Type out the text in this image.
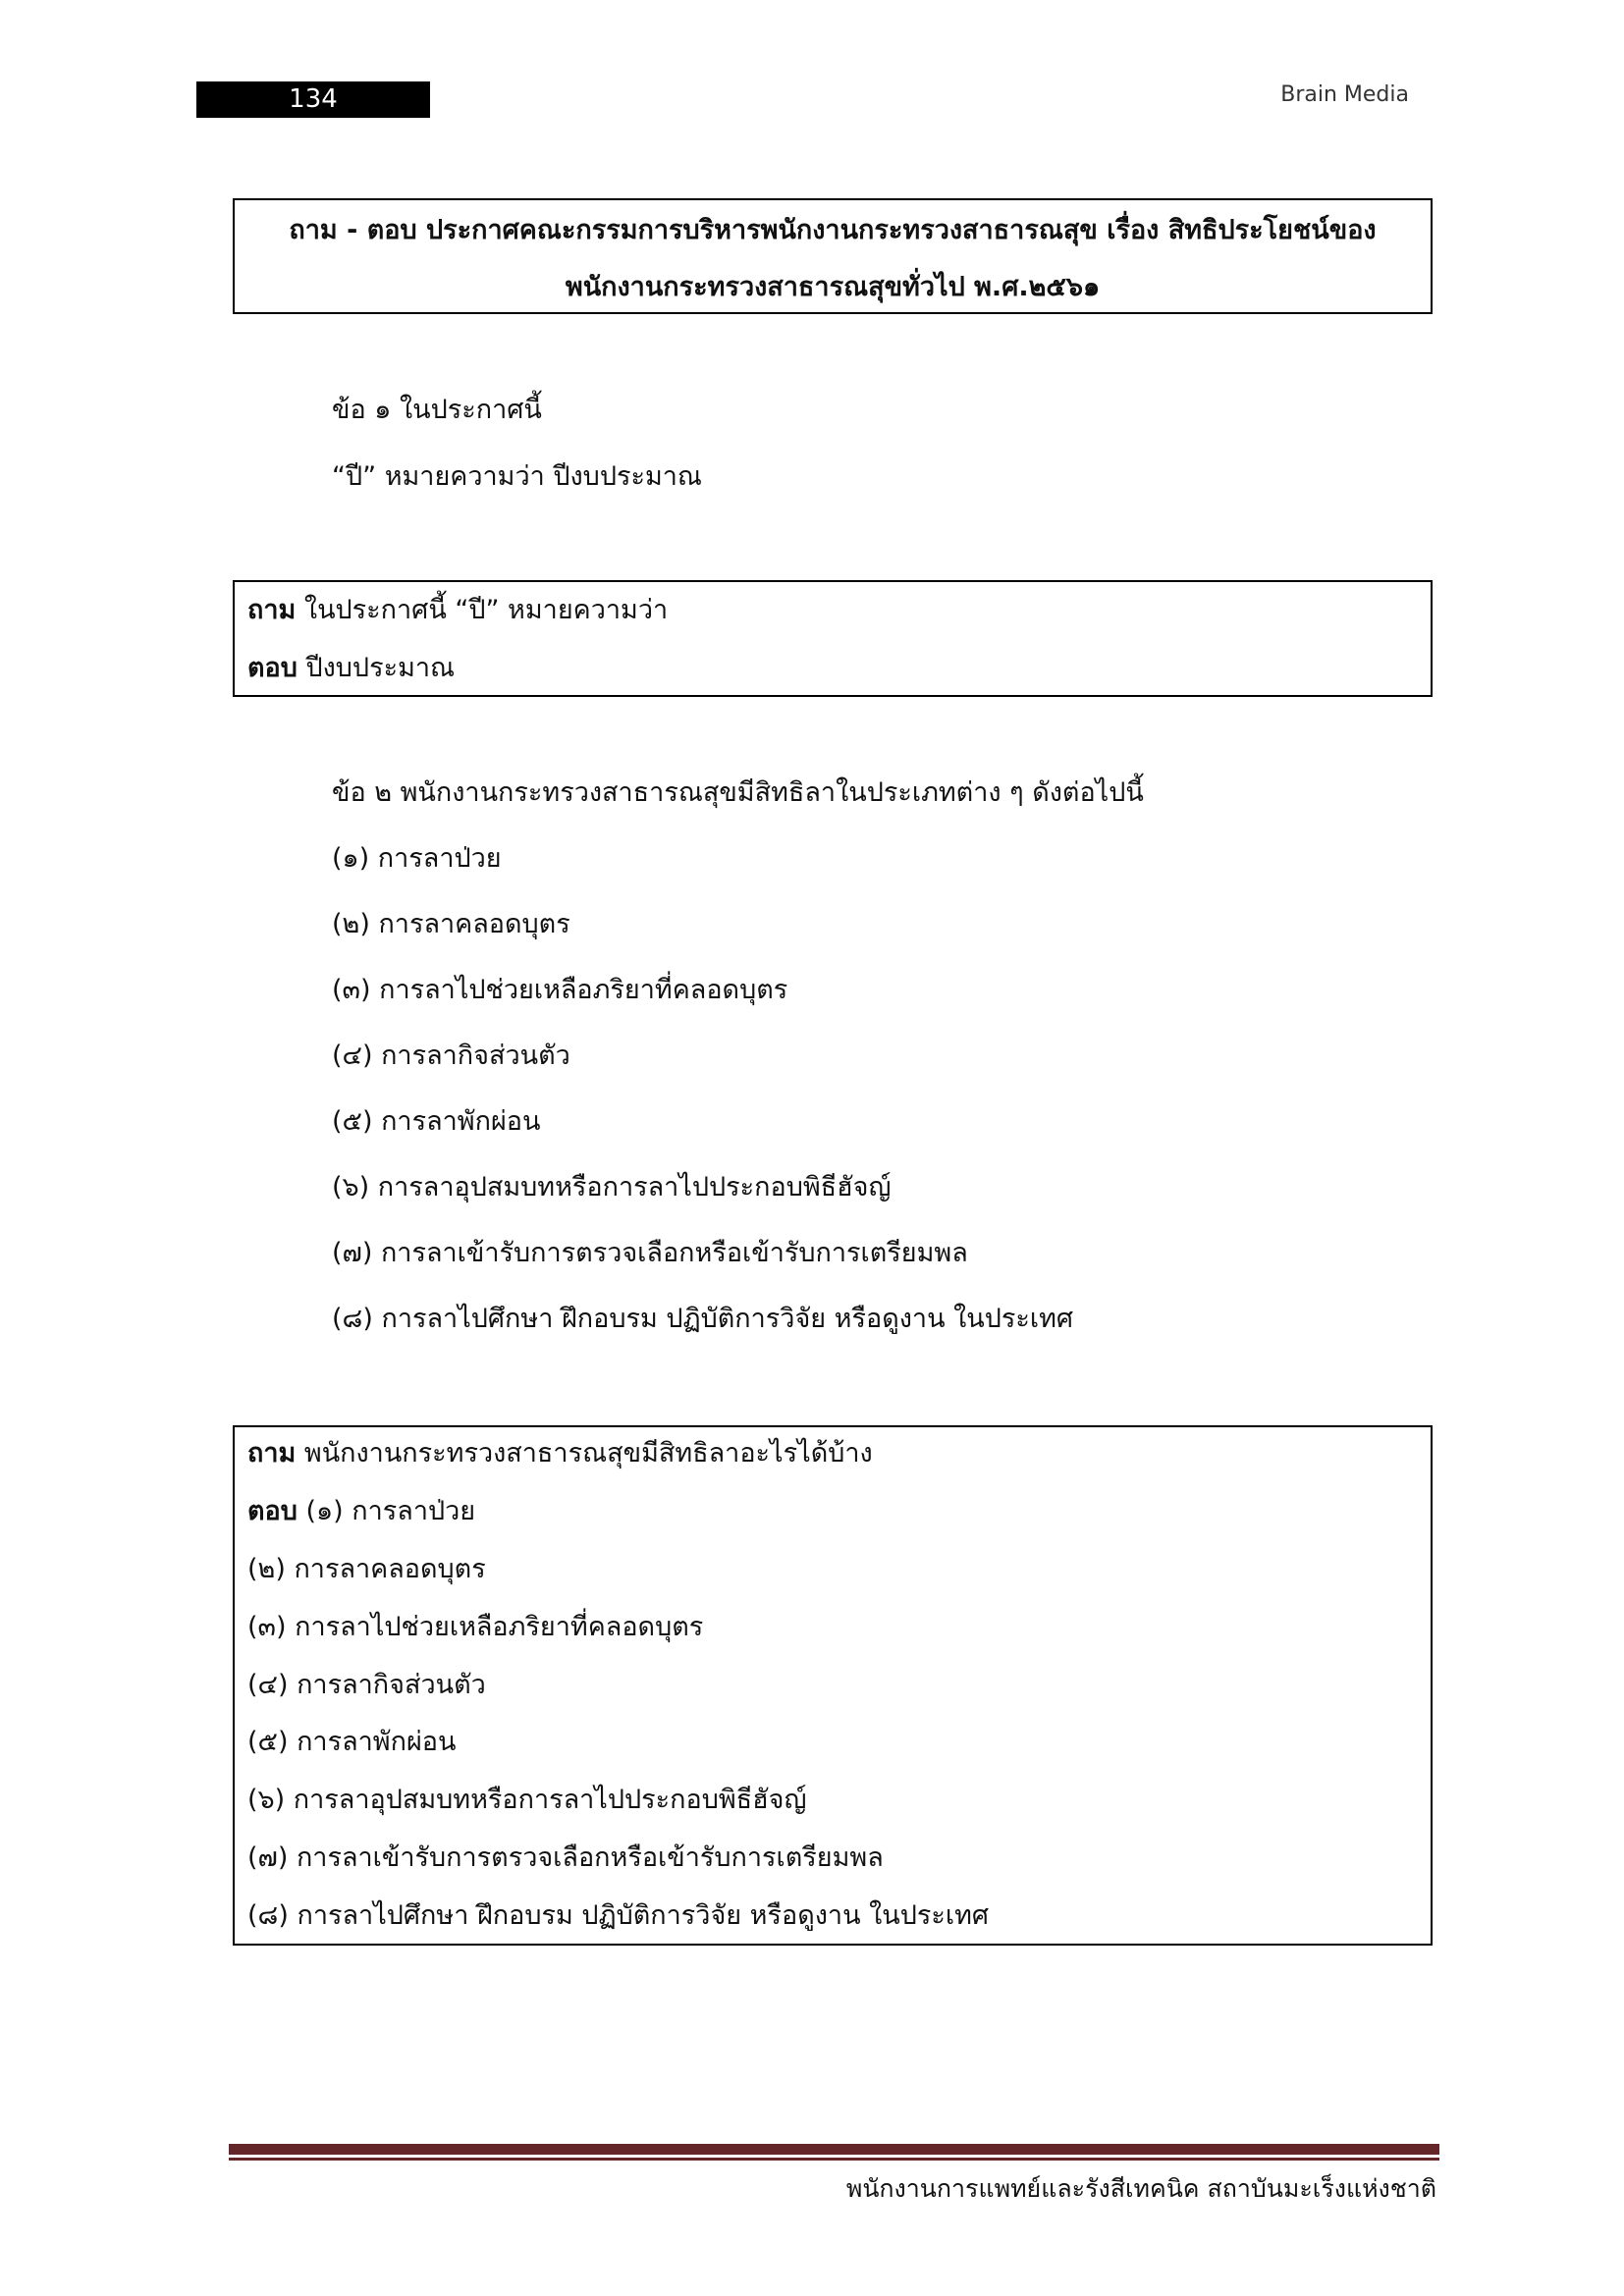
134	Brain Media
ถาม - ตอบ ประกาศคณะกรรมการบริหารพนักงานกระทรวงสาธารณสุข เรื่อง สิทธิประโยชน์ของ
พนักงานกระทรวงสาธารณสุขทั่วไป พ.ศ.๒๕๖๑
ข้อ ๑ ในประกาศนี้
“ปี” หมายความว่า ปีงบประมาณ
ถาม ในประกาศนี้ “ปี” หมายความว่า
ตอบ ปีงบประมาณ
ข้อ ๒ พนักงานกระทรวงสาธารณสุขมีสิทธิลาในประเภทต่าง ๆ ดังต่อไปนี้
(๑) การลาป่วย
(๒) การลาคลอดบุตร
(๓) การลาไปช่วยเหลือภริยาที่คลอดบุตร
(๔) การลากิจส่วนตัว
(๕) การลาพักผ่อน
(๖) การลาอุปสมบทหรือการลาไปประกอบพิธีฮัจญ์
(๗) การลาเข้ารับการตรวจเลือกหรือเข้ารับการเตรียมพล
(๘) การลาไปศึกษา ฝึกอบรม ปฏิบัติการวิจัย หรือดูงาน ในประเทศ
ถาม พนักงานกระทรวงสาธารณสุขมีสิทธิลาอะไรได้บ้าง
ตอบ (๑) การลาป่วย
(๒) การลาคลอดบุตร
(๓) การลาไปช่วยเหลือภริยาที่คลอดบุตร
(๔) การลากิจส่วนตัว
(๕) การลาพักผ่อน
(๖) การลาอุปสมบทหรือการลาไปประกอบพิธีฮัจญ์
(๗) การลาเข้ารับการตรวจเลือกหรือเข้ารับการเตรียมพล
(๘) การลาไปศึกษา ฝึกอบรม ปฏิบัติการวิจัย หรือดูงาน ในประเทศ
พนักงานการแพทย์และรังสีเทคนิค สถาบันมะเร็งแห่งชาติ
